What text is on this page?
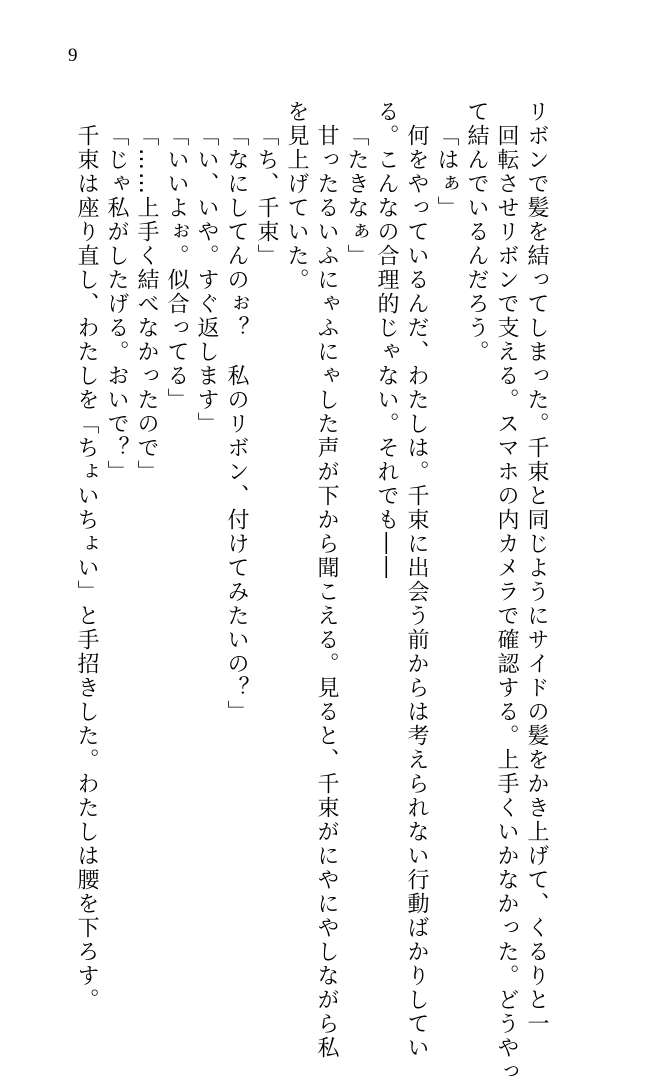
9
リボンで髪を結ってしまった。千束と同じようにサイドの髪をかき上げて、くるりと一
回転させリボンで支える。スマホの内カメラで確認する。上手くいかなかった。どうやっ
て結んでいるんだろう。
「はぁ」
何をやっているんだ、わたしは。千束に出会う前からは考えられない行動ばかりしてい
る。こんなの合理的じゃない。それでも――
「たきなぁ」
甘ったるいふにゃふにゃした声が下から聞こえる。見ると、千束がにやにやしながら私
を見上げていた。
「ち、千束」
「なにしてんのぉ？　私のリボン、付けてみたいの？」
「い、いや。すぐ返します」
「いいよぉ。似合ってる」
「……上手く結べなかったので」
「じゃ私がしたげる。おいで？」
千束は座り直し、わたしを「ちょいちょい」と手招きした。わたしは腰を下ろす。
